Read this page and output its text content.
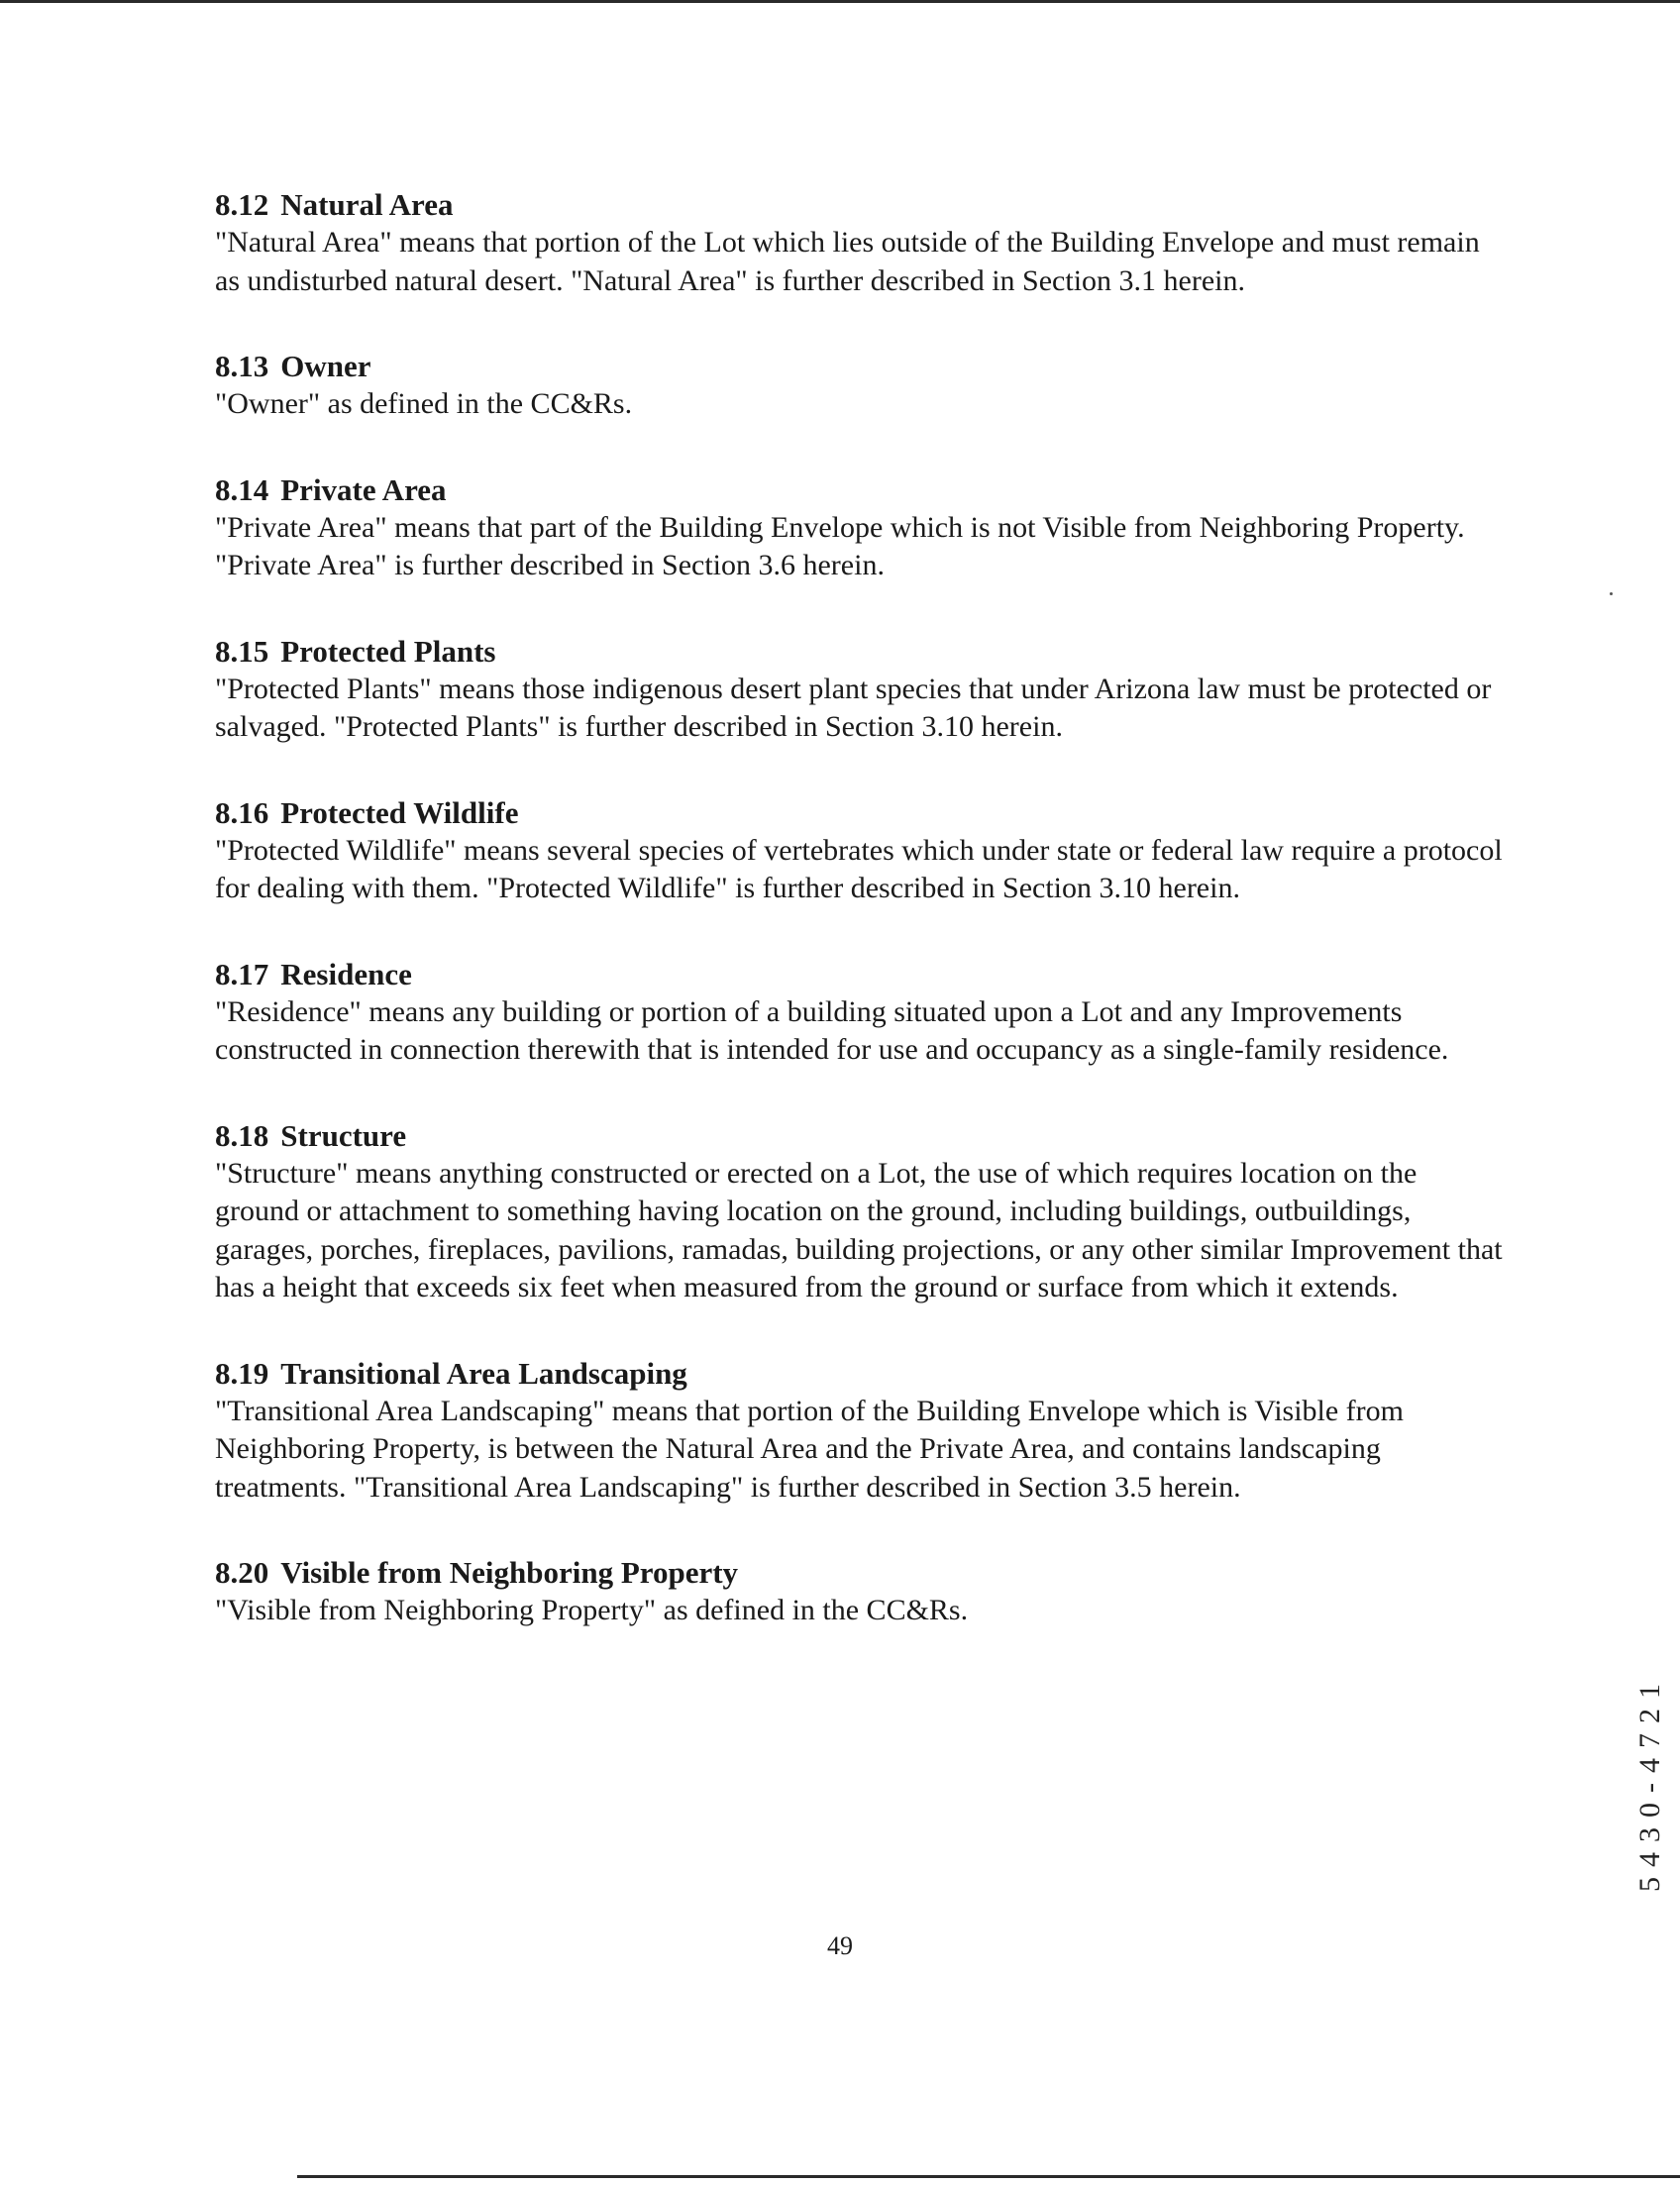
8.12 Natural Area

"Natural Area" means that portion of the Lot which lies outside of the Building Envelope and must remain as undisturbed natural desert. "Natural Area" is further described in Section 3.1 herein.

8.13 Owner

"Owner" as defined in the CC&Rs.

8.14 Private Area

"Private Area" means that part of the Building Envelope which is not Visible from Neighboring Property. "Private Area" is further described in Section 3.6 herein.

8.15 Protected Plants

"Protected Plants" means those indigenous desert plant species that under Arizona law must be protected or salvaged. "Protected Plants" is further described in Section 3.10 herein.

8.16 Protected Wildlife

"Protected Wildlife" means several species of vertebrates which under state or federal law require a protocol for dealing with them. "Protected Wildlife" is further described in Section 3.10 herein.

8.17 Residence

"Residence" means any building or portion of a building situated upon a Lot and any Improvements constructed in connection therewith that is intended for use and occupancy as a single-family residence.

8.18 Structure

"Structure" means anything constructed or erected on a Lot, the use of which requires location on the ground or attachment to something having location on the ground, including buildings, outbuildings, garages, porches, fireplaces, pavilions, ramadas, building projections, or any other similar Improvement that has a height that exceeds six feet when measured from the ground or surface from which it extends.

8.19 Transitional Area Landscaping

"Transitional Area Landscaping" means that portion of the Building Envelope which is Visible from Neighboring Property, is between the Natural Area and the Private Area, and contains landscaping treatments. "Transitional Area Landscaping" is further described in Section 3.5 herein.

8.20 Visible from Neighboring Property

"Visible from Neighboring Property" as defined in the CC&Rs.

49
5430-4721
